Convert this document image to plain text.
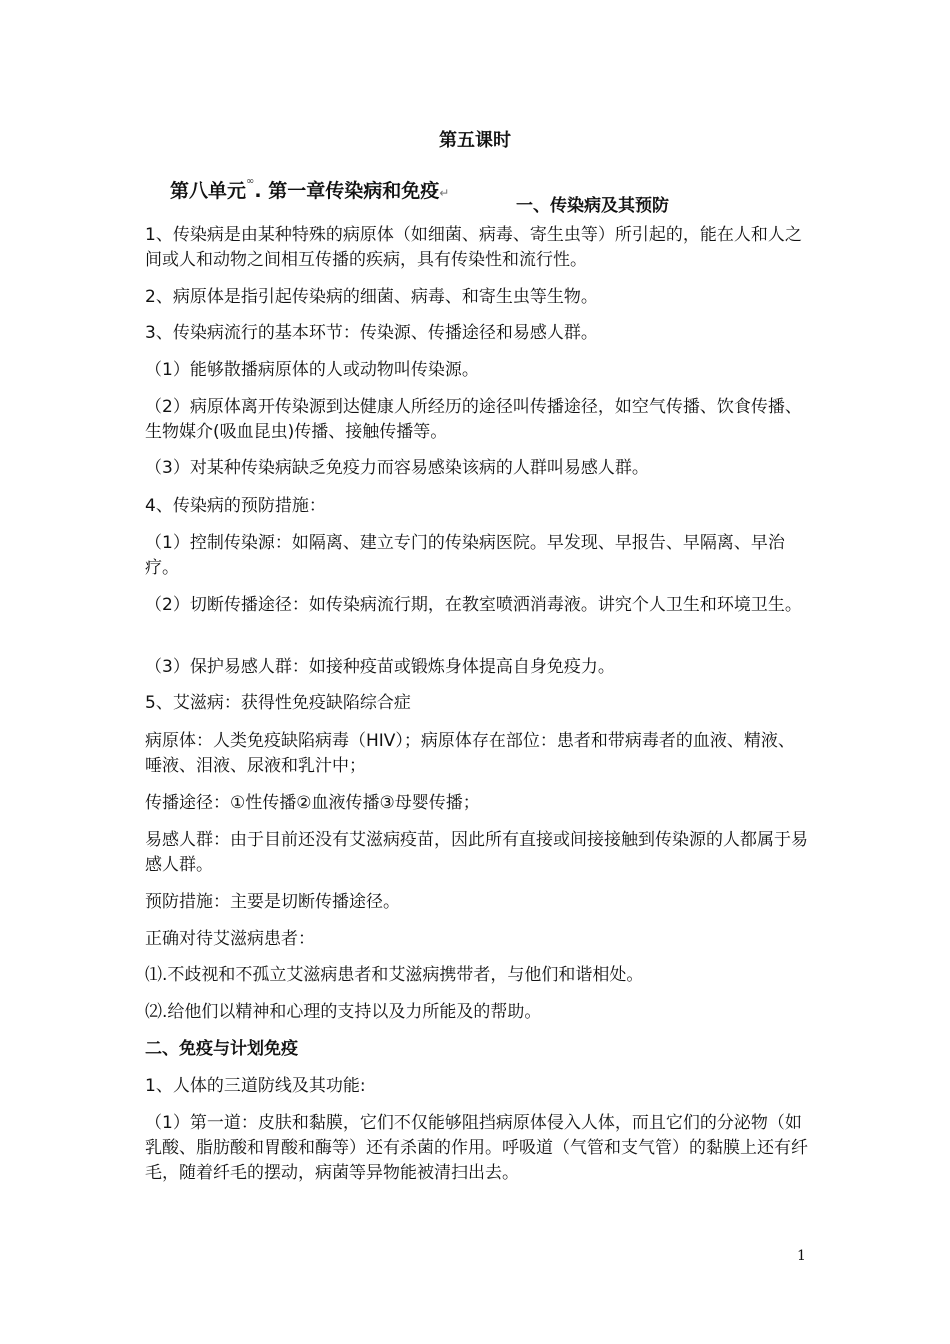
第五课时

第八单元∞. 第一章传染病和免疫↵

一、传染病及其预防

1、传染病是由某种特殊的病原体（如细菌、病毒、寄生虫等）所引起的，能在人和人之间或人和动物之间相互传播的疾病，具有传染性和流行性。

2、病原体是指引起传染病的细菌、病毒、和寄生虫等生物。

3、传染病流行的基本环节：传染源、传播途径和易感人群。

（1）能够散播病原体的人或动物叫传染源。

（2）病原体离开传染源到达健康人所经历的途径叫传播途径，如空气传播、饮食传播、生物媒介(吸血昆虫)传播、接触传播等。

（3）对某种传染病缺乏免疫力而容易感染该病的人群叫易感人群。

4、传染病的预防措施：

（1）控制传染源：如隔离、建立专门的传染病医院。早发现、早报告、早隔离、早治疗。

（2）切断传播途径：如传染病流行期，在教室喷洒消毒液。讲究个人卫生和环境卫生。

（3）保护易感人群：如接种疫苗或锻炼身体提高自身免疫力。

5、艾滋病：获得性免疫缺陷综合症

病原体：人类免疫缺陷病毒（HIV）；病原体存在部位：患者和带病毒者的血液、精液、唾液、泪液、尿液和乳汁中；

传播途径：①性传播②血液传播③母婴传播；

易感人群：由于目前还没有艾滋病疫苗，因此所有直接或间接接触到传染源的人都属于易感人群。

预防措施：主要是切断传播途径。

正确对待艾滋病患者：

⑴.不歧视和不孤立艾滋病患者和艾滋病携带者，与他们和谐相处。

⑵.给他们以精神和心理的支持以及力所能及的帮助。

二、免疫与计划免疫

1、人体的三道防线及其功能:

（1）第一道：皮肤和黏膜，它们不仅能够阻挡病原体侵入人体，而且它们的分泌物（如乳酸、脂肪酸和胃酸和酶等）还有杀菌的作用。呼吸道（气管和支气管）的黏膜上还有纤毛，随着纤毛的摆动，病菌等异物能被清扫出去。

1
